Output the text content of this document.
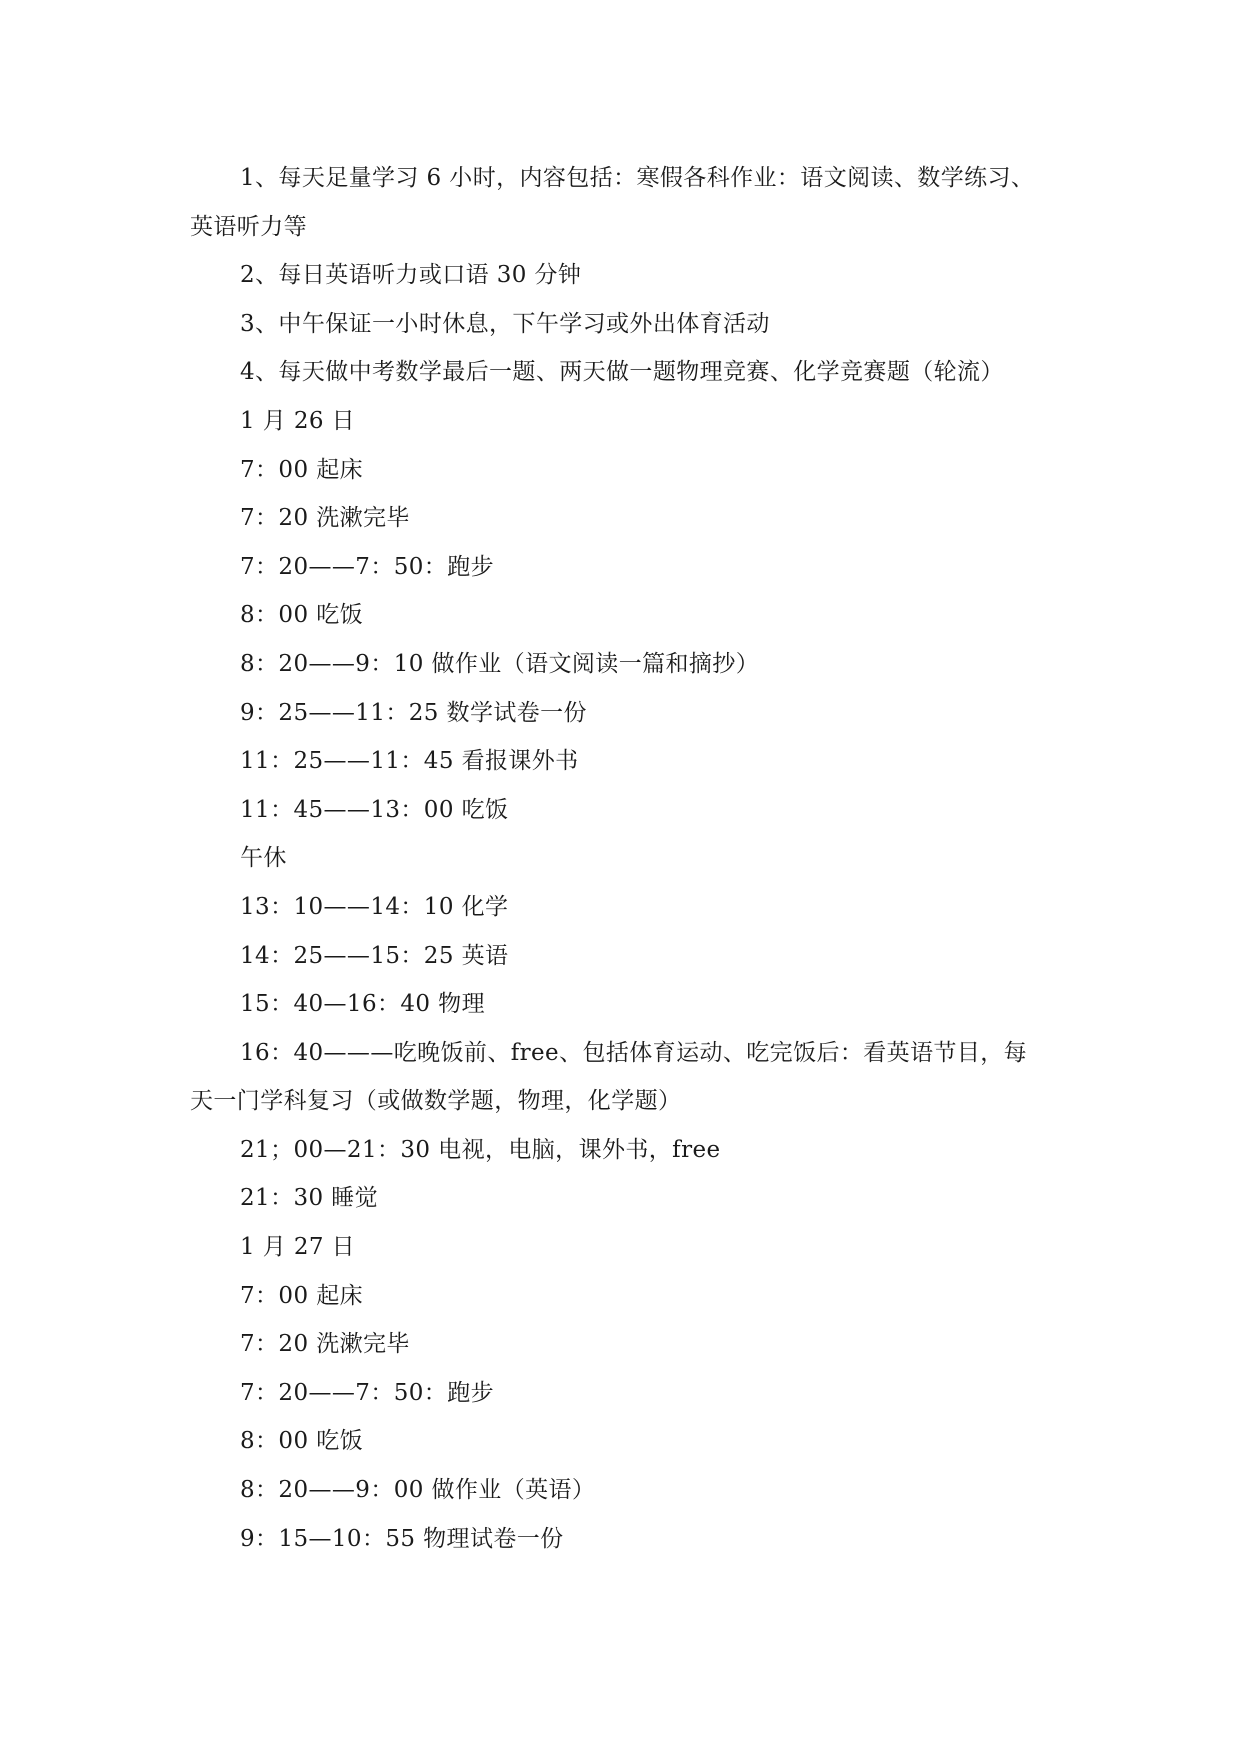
1、每天足量学习 6 小时，内容包括：寒假各科作业：语文阅读、数学练习、英语听力等

2、每日英语听力或口语 30 分钟

3、中午保证一小时休息，下午学习或外出体育活动

4、每天做中考数学最后一题、两天做一题物理竞赛、化学竞赛题（轮流）

1 月 26 日

7：00 起床

7：20 洗漱完毕

7：20——7：50：跑步

8：00 吃饭

8：20——9：10 做作业（语文阅读一篇和摘抄）

9：25——11：25 数学试卷一份

11：25——11：45 看报课外书

11：45——13：00 吃饭

午休

13：10——14：10 化学

14：25——15：25 英语

15：40—16：40 物理

16：40———吃晚饭前、free、包括体育运动、吃完饭后：看英语节目，每天一门学科复习（或做数学题，物理，化学题）

21；00—21：30 电视，电脑，课外书，free

21：30 睡觉

1 月 27 日

7：00 起床

7：20 洗漱完毕

7：20——7：50：跑步

8：00 吃饭

8：20——9：00 做作业（英语）

9：15—10：55 物理试卷一份
